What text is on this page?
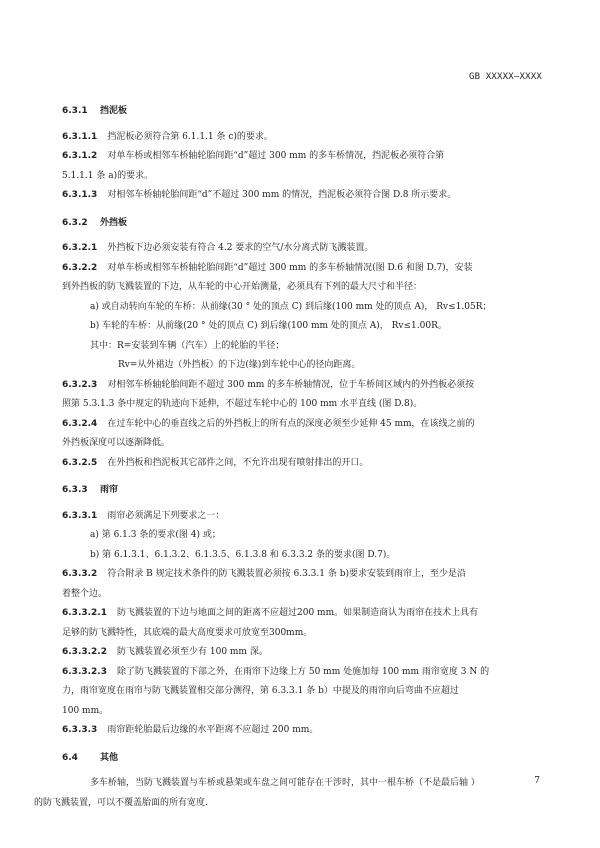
GB XXXXX—XXXX
6.3.1 挡泥板

6.3.1.1 挡泥板必须符合第 6.1.1.1 条 c)的要求。

6.3.1.2 对单车桥或相邻车桥轴轮胎间距“d”超过 300 mm 的多车桥情况，挡泥板必须符合第
5.1.1.1 条 a)的要求。

6.3.1.3 对相邻车桥轴轮胎间距“d”不超过 300 mm 的情况，挡泥板必须符合图 D.8 所示要求。

6.3.2 外挡板

6.3.2.1 外挡板下边必须安装有符合 4.2 要求的空气/水分离式防飞溅装置。

6.3.2.2 对单车桥或相邻车桥轴轮胎间距“d”超过 300 mm 的多车桥轴情况(图 D.6 和图 D.7)，安装
到外挡板的防飞溅装置的下边，从车轮的中心开始测量，必须具有下列的最大尺寸和半径：

a) 或自动转向车轮的车桥：从前缘(30 ° 处的顶点 C) 到后缘(100 mm 处的顶点 A)， Rv≤1.05R；

b) 车轮的车桥：从前缘(20 ° 处的顶点 C) 到后缘(100 mm 处的顶点 A)， Rv≤1.00R。

其中：R=安装到车辆（汽车）上的轮胎的半径；

Rv=从外裙边（外挡板）的下边(缘)到车轮中心的径向距离。

6.3.2.3 对相邻车桥轴轮胎间距不超过 300 mm 的多车桥轴情况，位于车桥间区域内的外挡板必须按
照第 5.3.1.3 条中规定的轨迹向下延伸，不超过车轮中心的 100 mm 水平直线 (图 D.8)。

6.3.2.4 在过车轮中心的垂直线之后的外挡板上的所有点的深度必须至少延伸 45 mm，在该线之前的
外挡板深度可以逐渐降低。

6.3.2.5 在外挡板和挡泥板其它部件之间，不允许出现有喷射排出的开口。

6.3.3 雨帘

6.3.3.1 雨帘必须满足下列要求之一：

a) 第 6.1.3 条的要求(图 4) 或；

b) 第 6.1.3.1、6.1.3.2、6.1.3.5、6.1.3.8 和 6.3.3.2 条的要求(图 D.7)。

6.3.3.2 符合附录 B 规定技术条件的防飞溅装置必须按 6.3.3.1 条 b)要求安装到雨帘上，至少是沿
着整个边。

6.3.3.2.1 防飞溅装置的下边与地面之间的距离不应超过200 mm。如果制造商认为雨帘在技术上具有
足够的防飞溅特性，其底端的最大高度要求可放宽至300mm。

6.3.3.2.2 防飞溅装置必须至少有 100 mm 深。

6.3.3.2.3 除了防飞溅装置的下部之外，在雨帘下边缘上方 50 mm 处施加每 100 mm 雨帘宽度 3 N 的
力，雨帘宽度在雨帘与防飞溅装置相交部分测得，第 6.3.3.1 条 b）中提及的雨帘向后弯曲不应超过
100 mm。

6.3.3.3 雨帘距轮胎最后边缘的水平距离不应超过 200 mm。

6.4 其他

多车桥轴，当防飞溅装置与车桥或悬架或车盘之间可能存在干涉时，其中一根车桥（不是最后轴 ）
的防飞溅装置，可以不覆盖胎面的所有宽度.

7
